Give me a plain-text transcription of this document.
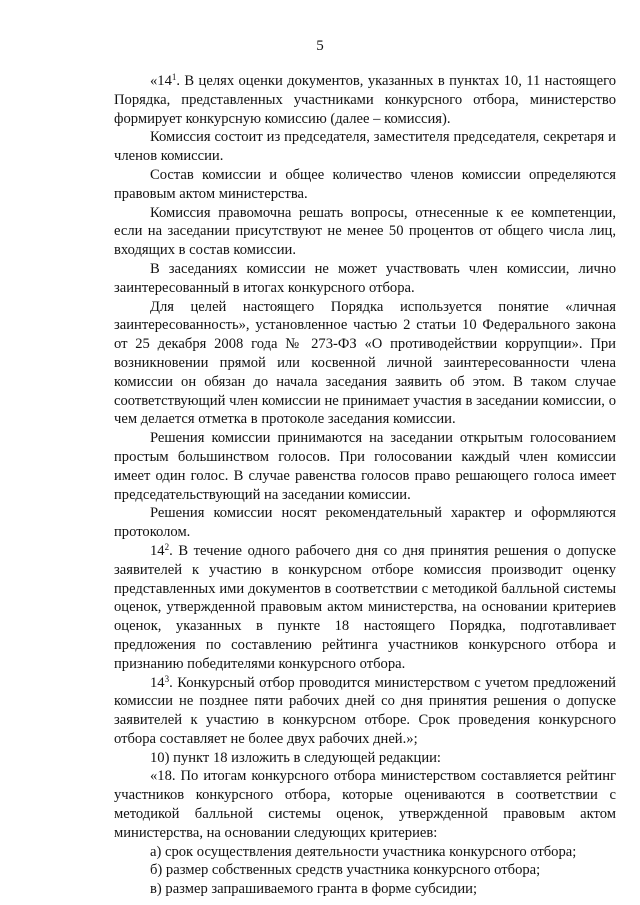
5

«$14^1$. В целях оценки документов, указанных в пунктах 10, 11 настоящего Порядка, представленных участниками конкурсного отбора, министерство формирует конкурсную комиссию (далее – комиссия).

Комиссия состоит из председателя, заместителя председателя, секретаря и членов комиссии.

Состав комиссии и общее количество членов комиссии определяются правовым актом министерства.

Комиссия правомочна решать вопросы, отнесенные к ее компетенции, если на заседании присутствуют не менее 50 процентов от общего числа лиц, входящих в состав комиссии.

В заседаниях комиссии не может участвовать член комиссии, лично заинтересованный в итогах конкурсного отбора.

Для целей настоящего Порядка используется понятие «личная заинтересованность», установленное частью 2 статьи 10 Федерального закона от 25 декабря 2008 года № 273-ФЗ «О противодействии коррупции». При возникновении прямой или косвенной личной заинтересованности члена комиссии он обязан до начала заседания заявить об этом. В таком случае соответствующий член комиссии не принимает участия в заседании комиссии, о чем делается отметка в протоколе заседания комиссии.

Решения комиссии принимаются на заседании открытым голосованием простым большинством голосов. При голосовании каждый член комиссии имеет один голос. В случае равенства голосов право решающего голоса имеет председательствующий на заседании комиссии.

Решения комиссии носят рекомендательный характер и оформляются протоколом.

$14^2$. В течение одного рабочего дня со дня принятия решения о допуске заявителей к участию в конкурсном отборе комиссия производит оценку представленных ими документов в соответствии с методикой балльной системы оценок, утвержденной правовым актом министерства, на основании критериев оценок, указанных в пункте 18 настоящего Порядка, подготавливает предложения по составлению рейтинга участников конкурсного отбора и признанию победителями конкурсного отбора.

$14^3$. Конкурсный отбор проводится министерством с учетом предложений комиссии не позднее пяти рабочих дней со дня принятия решения о допуске заявителей к участию в конкурсном отборе. Срок проведения конкурсного отбора составляет не более двух рабочих дней.»;

10) пункт 18 изложить в следующей редакции:

«18. По итогам конкурсного отбора министерством составляется рейтинг участников конкурсного отбора, которые оцениваются в соответствии с методикой балльной системы оценок, утвержденной правовым актом министерства, на основании следующих критериев:

а) срок осуществления деятельности участника конкурсного отбора;

б) размер собственных средств участника конкурсного отбора;

в) размер запрашиваемого гранта в форме субсидии;
